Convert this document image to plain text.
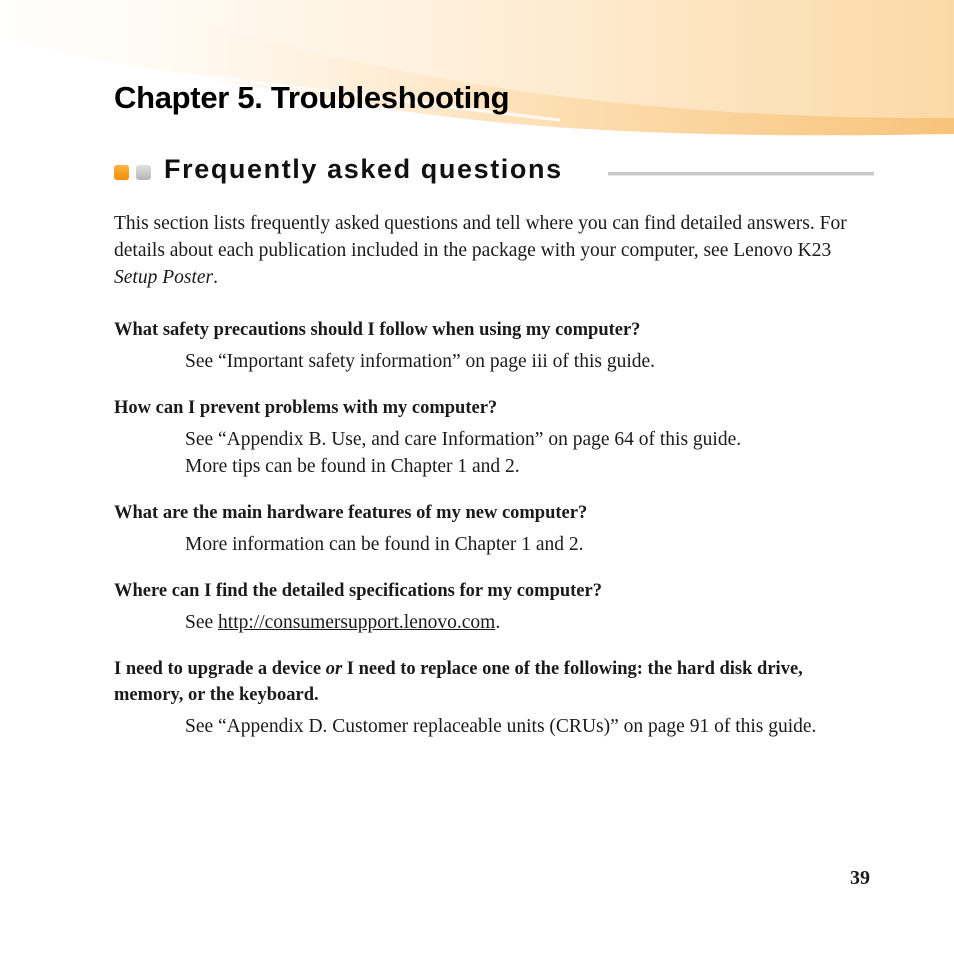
Chapter 5. Troubleshooting
Frequently asked questions

This section lists frequently asked questions and tell where you can find detailed answers. For details about each publication included in the package with your computer, see Lenovo K23 Setup Poster.

What safety precautions should I follow when using my computer?

See “Important safety information” on page iii of this guide.

How can I prevent problems with my computer?

See “Appendix B. Use, and care Information” on page 64 of this guide.

More tips can be found in Chapter 1 and 2.

What are the main hardware features of my new computer?

More information can be found in Chapter 1 and 2.

Where can I find the detailed specifications for my computer?

See http://consumersupport.lenovo.com.

I need to upgrade a device or I need to replace one of the following: the hard disk drive, memory, or the keyboard.

See “Appendix D. Customer replaceable units (CRUs)” on page 91 of this guide.

39
